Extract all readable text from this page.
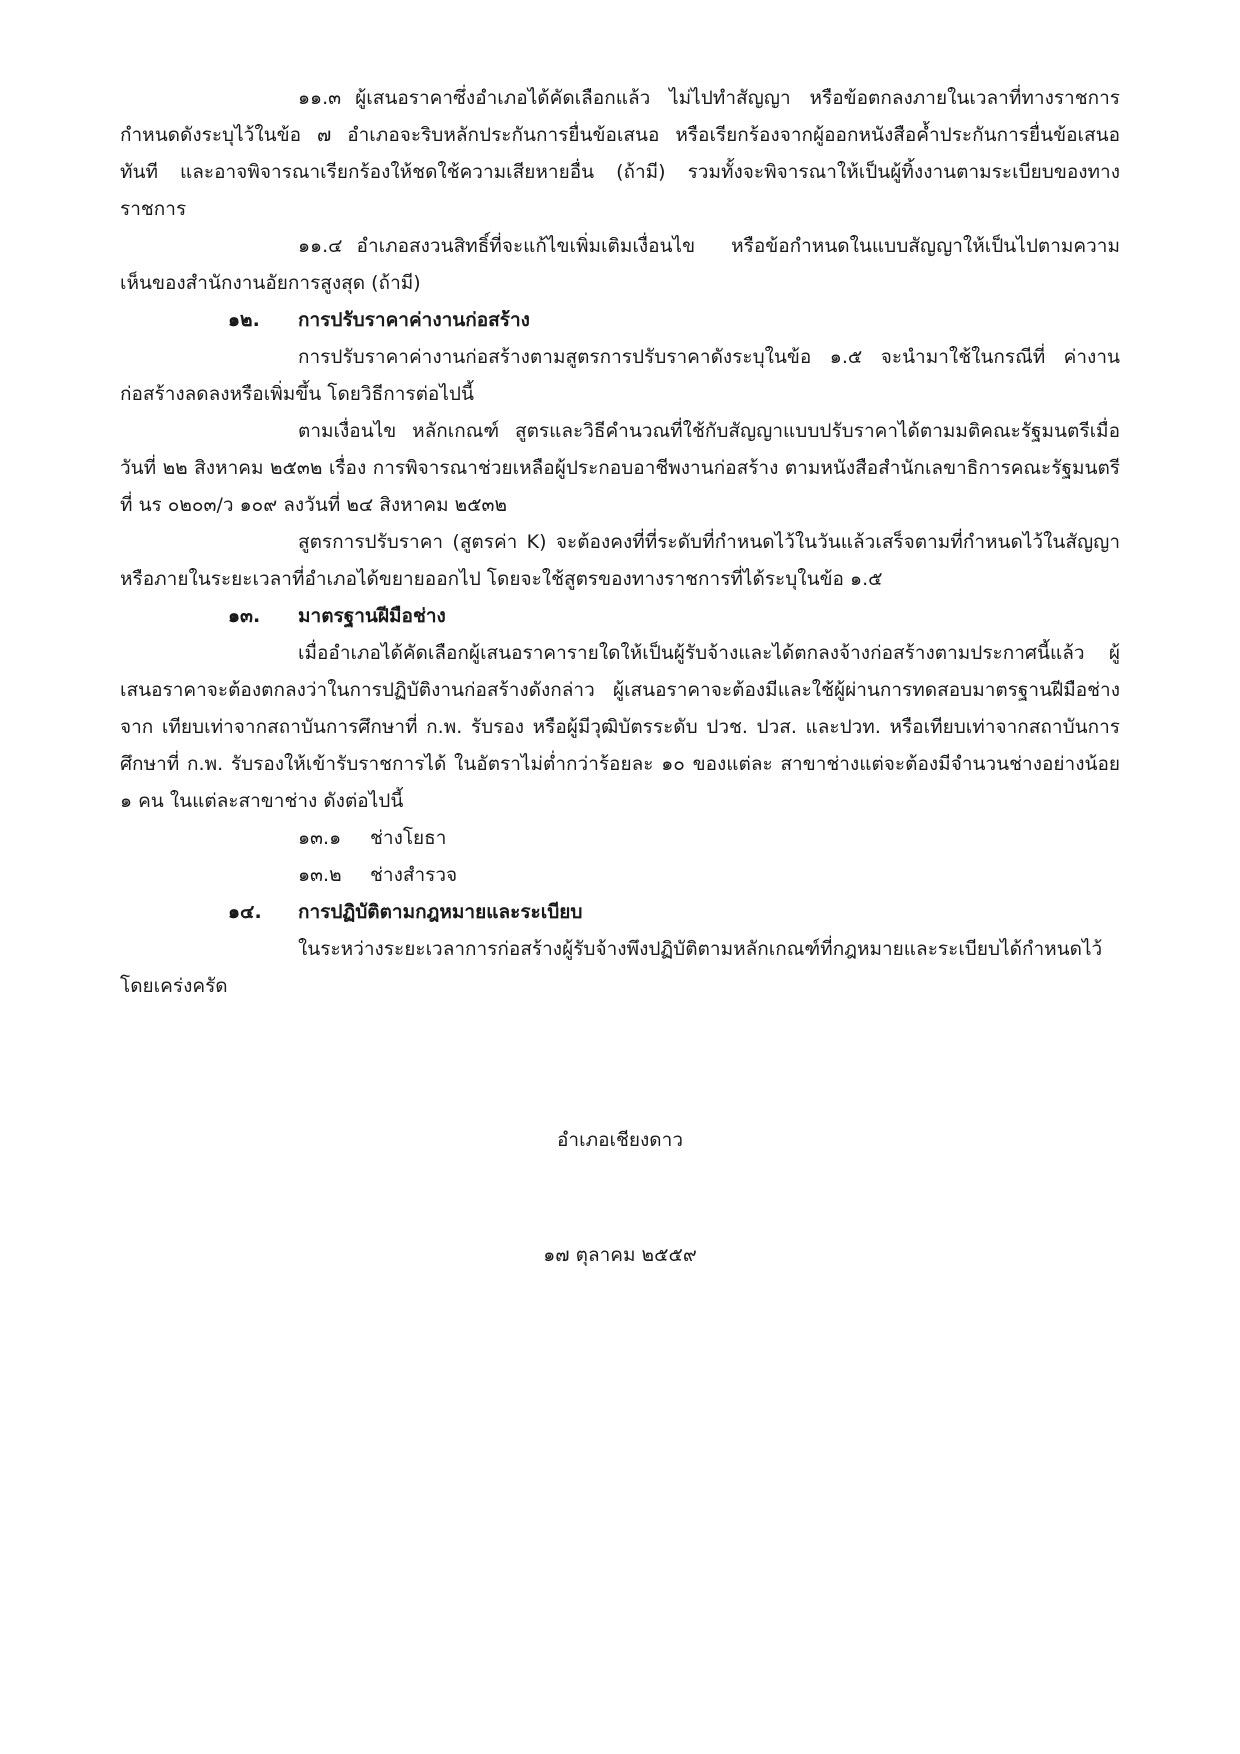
๑๑.๓ ผู้เสนอราคาซึ่งอำเภอได้คัดเลือกแล้ว ไม่ไปทำสัญญา หรือข้อตกลงภายในเวลาที่ทางราชการกำหนดดังระบุไว้ในข้อ ๗ อำเภอจะริบหลักประกันการยื่นข้อเสนอ หรือเรียกร้องจากผู้ออกหนังสือค้ำประกันการยื่นข้อเสนอทันที และอาจพิจารณาเรียกร้องให้ชดใช้ความเสียหายอื่น (ถ้ามี) รวมทั้งจะพิจารณาให้เป็นผู้ทิ้งงานตามระเบียบของทางราชการ

๑๑.๔ อำเภอสงวนสิทธิ์ที่จะแก้ไขเพิ่มเติมเงื่อนไข หรือข้อกำหนดในแบบสัญญาให้เป็นไปตามความเห็นของสำนักงานอัยการสูงสุด (ถ้ามี)

๑๒. การปรับราคาค่างานก่อสร้าง

การปรับราคาค่างานก่อสร้างตามสูตรการปรับราคาดังระบุในข้อ ๑.๕ จะนำมาใช้ในกรณีที่ ค่างานก่อสร้างลดลงหรือเพิ่มขึ้น โดยวิธีการต่อไปนี้

ตามเงื่อนไข หลักเกณฑ์ สูตรและวิธีคำนวณที่ใช้กับสัญญาแบบปรับราคาได้ตามมติคณะรัฐมนตรีเมื่อวันที่ ๒๒ สิงหาคม ๒๕๓๒ เรื่อง การพิจารณาช่วยเหลือผู้ประกอบอาชีพงานก่อสร้าง ตามหนังสือสำนักเลขาธิการคณะรัฐมนตรี ที่ นร ๐๒๐๓/ว ๑๐๙ ลงวันที่ ๒๔ สิงหาคม ๒๕๓๒

สูตรการปรับราคา (สูตรค่า K) จะต้องคงที่ที่ระดับที่กำหนดไว้ในวันแล้วเสร็จตามที่กำหนดไว้ในสัญญา หรือภายในระยะเวลาที่อำเภอได้ขยายออกไป โดยจะใช้สูตรของทางราชการที่ได้ระบุในข้อ ๑.๕

๑๓. มาตรฐานฝีมือช่าง

เมื่ออำเภอได้คัดเลือกผู้เสนอราคารายใดให้เป็นผู้รับจ้างและได้ตกลงจ้างก่อสร้างตามประกาศนี้แล้ว ผู้เสนอราคาจะต้องตกลงว่าในการปฏิบัติงานก่อสร้างดังกล่าว ผู้เสนอราคาจะต้องมีและใช้ผู้ผ่านการทดสอบมาตรฐานฝีมือช่างจาก เทียบเท่าจากสถาบันการศึกษาที่ ก.พ. รับรอง หรือผู้มีวุฒิบัตรระดับ ปวช. ปวส. และปวท. หรือเทียบเท่าจากสถาบันการศึกษาที่ ก.พ. รับรองให้เข้ารับราชการได้ ในอัตราไม่ต่ำกว่าร้อยละ ๑๐ ของแต่ละ สาขาช่างแต่จะต้องมีจำนวนช่างอย่างน้อย ๑ คน ในแต่ละสาขาช่าง ดังต่อไปนี้

๑๓.๑ ช่างโยธา

๑๓.๒ ช่างสำรวจ

๑๔. การปฏิบัติตามกฎหมายและระเบียบ

ในระหว่างระยะเวลาการก่อสร้างผู้รับจ้างพึงปฏิบัติตามหลักเกณฑ์ที่กฎหมายและระเบียบได้กำหนดไว้โดยเคร่งครัด

อำเภอเชียงดาว
๑๗ ตุลาคม ๒๕๕๙
